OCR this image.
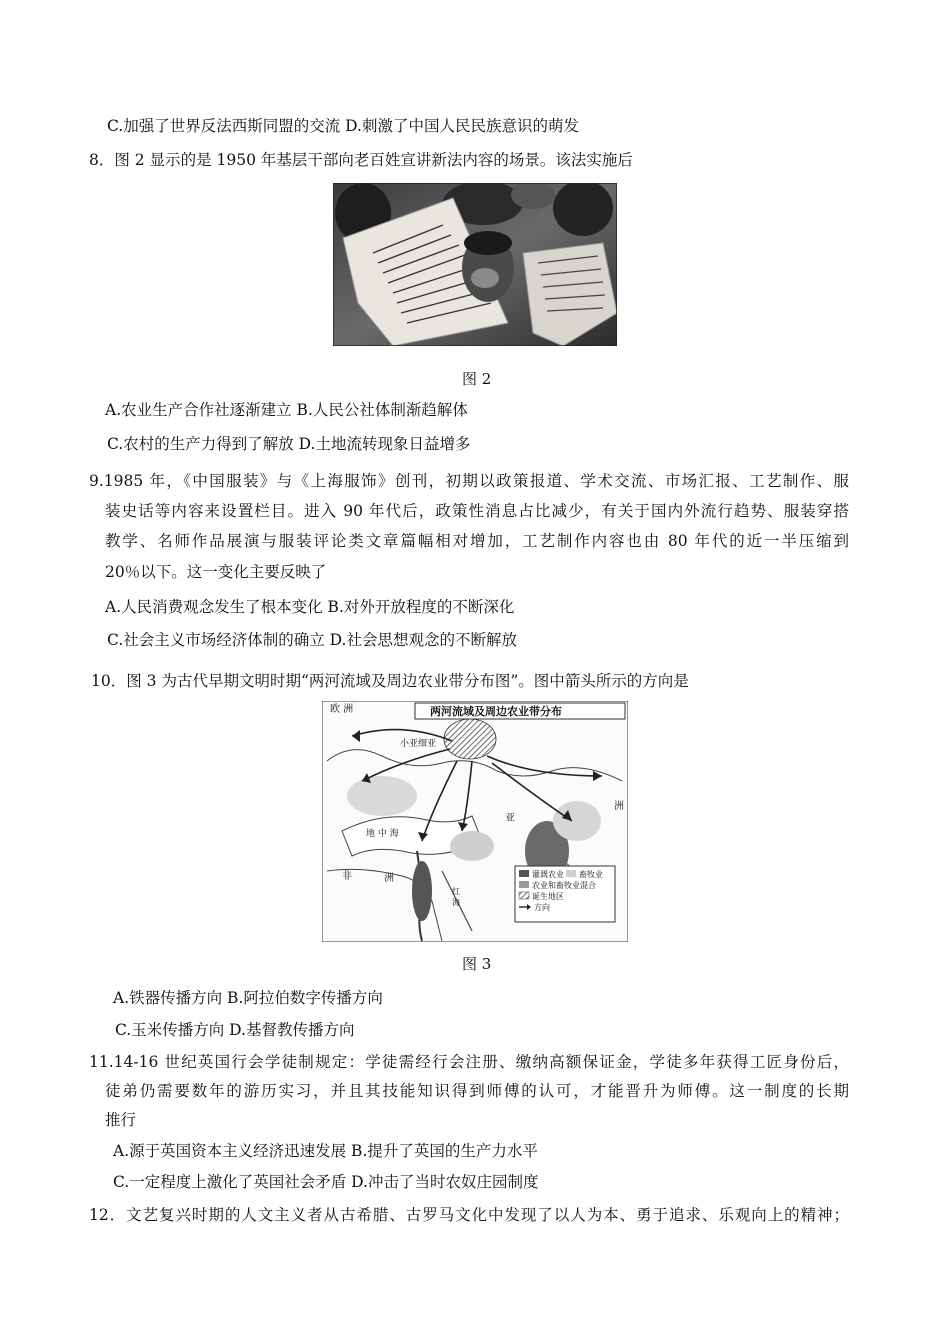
C.加强了世界反法西斯同盟的交流 D.刺激了中国人民民族意识的萌发
8．图 2 显示的是 1950 年基层干部向老百姓宣讲新法内容的场景。该法实施后
图 2
A.农业生产合作社逐渐建立 B.人民公社体制渐趋解体
C.农村的生产力得到了解放 D.土地流转现象日益增多
9.1985 年，《中国服装》与《上海服饰》创刊，初期以政策报道、学术交流、市场汇报、工艺制作、服
装史话等内容来设置栏目。进入 90 年代后，政策性消息占比减少，有关于国内外流行趋势、服装穿搭
教学、名师作品展演与服装评论类文章篇幅相对增加，工艺制作内容也由 80 年代的近一半压缩到
20％以下。这一变化主要反映了
A.人民消费观念发生了根本变化 B.对外开放程度的不断深化
C.社会主义市场经济体制的确立 D.社会思想观念的不断解放
10．图 3 为古代早期文明时期“两河流域及周边农业带分布图”。图中箭头所示的方向是
两河流域及周边农业带分布
欧 洲
小亚细亚
地 中 海
亚
洲
非	洲
红 海
灌溉农业 畜牧业
农业和畜牧业混合
诞生地区
方向
图 3
A.铁器传播方向 B.阿拉伯数字传播方向
C.玉米传播方向 D.基督教传播方向
11.14-16 世纪英国行会学徒制规定：学徒需经行会注册、缴纳高额保证金，学徒多年获得工匠身份后，
徒弟仍需要数年的游历实习，并且其技能知识得到师傅的认可，才能晋升为师傅。这一制度的长期
推行
A.源于英国资本主义经济迅速发展 B.提升了英国的生产力水平
C.一定程度上激化了英国社会矛盾 D.冲击了当时农奴庄园制度
12．文艺复兴时期的人文主义者从古希腊、古罗马文化中发现了以人为本、勇于追求、乐观向上的精神；
